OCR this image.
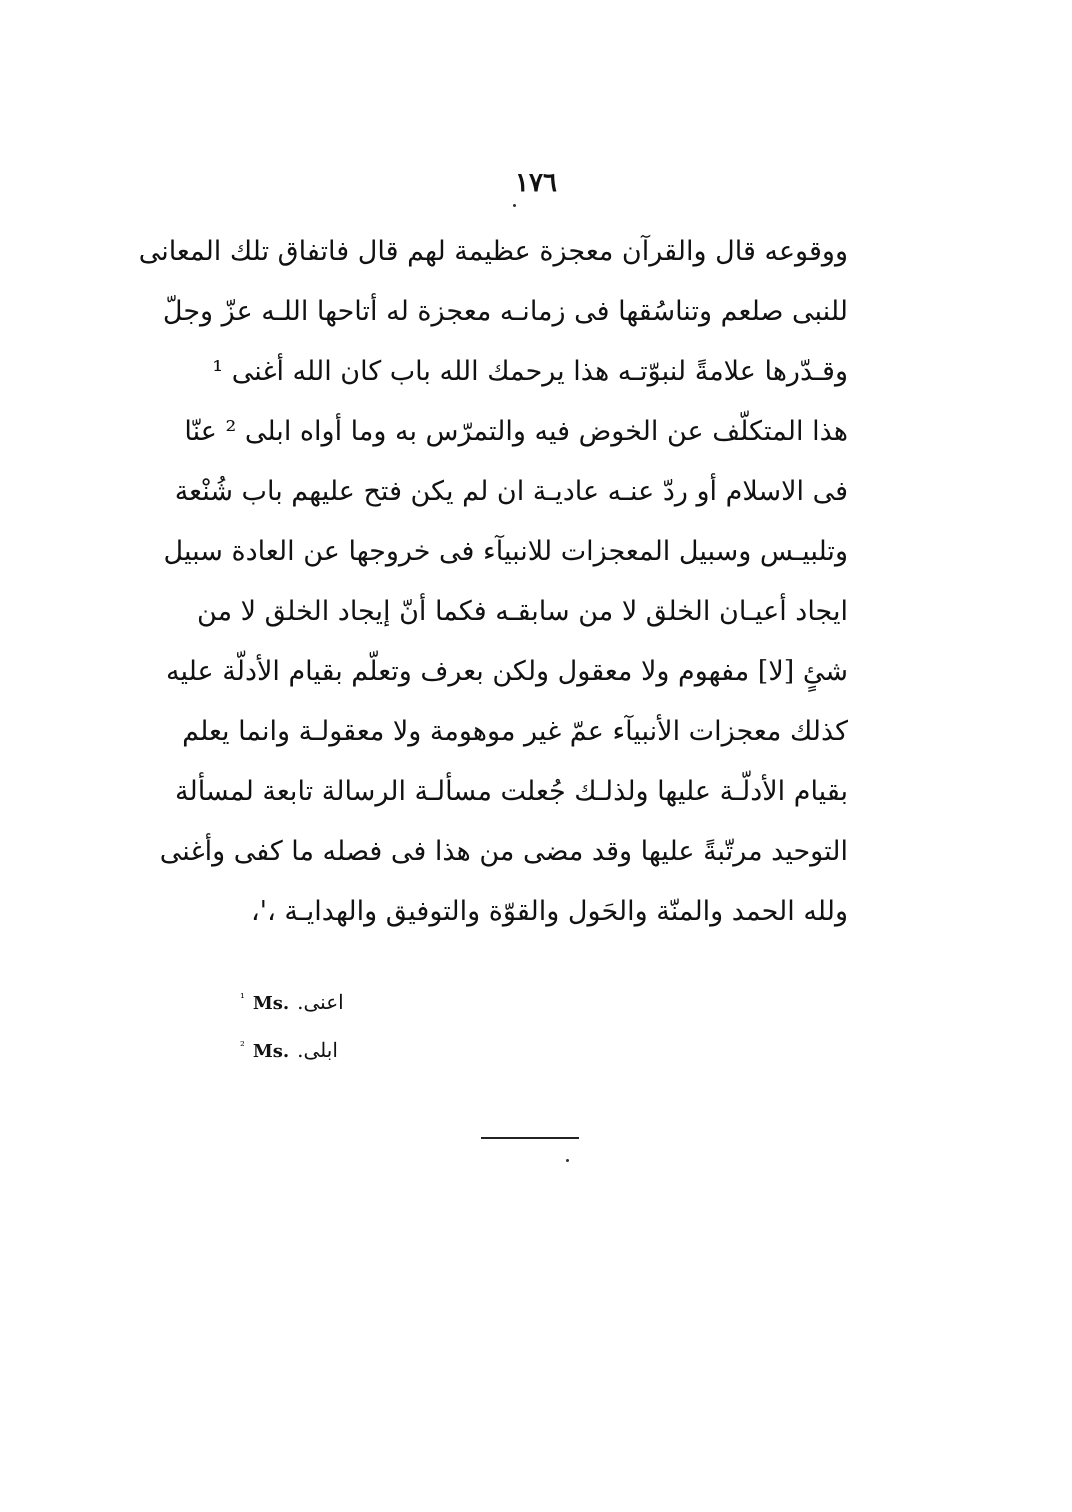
١٧٦
ووقوعه قال والقرآن معجزة عظيمة لهم قال فاتفاق تلك المعانى
للنبى صلعم وتناسُقها فى زمانـه معجزة له أتاحها اللـه عزّ وجلّ
وقـدّرها علامةً لنبوّتـه هذا يرحمك الله باب كان الله أغنى ¹
هذا المتكلّف عن الخوض فيه والتمرّس به وما أواه ابلى ² عنّا
فى الاسلام أو ردّ عنـه عاديـة ان لم يكن فتح عليهم باب شُنْعة
وتلبيـس وسبيل المعجزات للانبيآء فى خروجها عن العادة سبيل
ايجاد أعيـان الخلق لا من سابقـه فكما أنّ إيجاد الخلق لا من
شئٍ [لا] مفهوم ولا معقول ولكن بعرف وتعلّم بقيام الأدلّة عليه
كذلك معجزات الأنبيآء عمّ غير موهومة ولا معقولـة وانما يعلم
بقيام الأدلّـة عليها ولذلـك جُعلت مسألـة الرسالة تابعة لمسألة
التوحيد مرتّبةً عليها وقد مضى من هذا فى فصله ما كفى وأغنى
ولله الحمد والمنّة والحَول والقوّة والتوفيق والهدايـة ،'،
$^{^1}$ Ms. اعنى.
$^{^2}$ Ms. ابلى.
